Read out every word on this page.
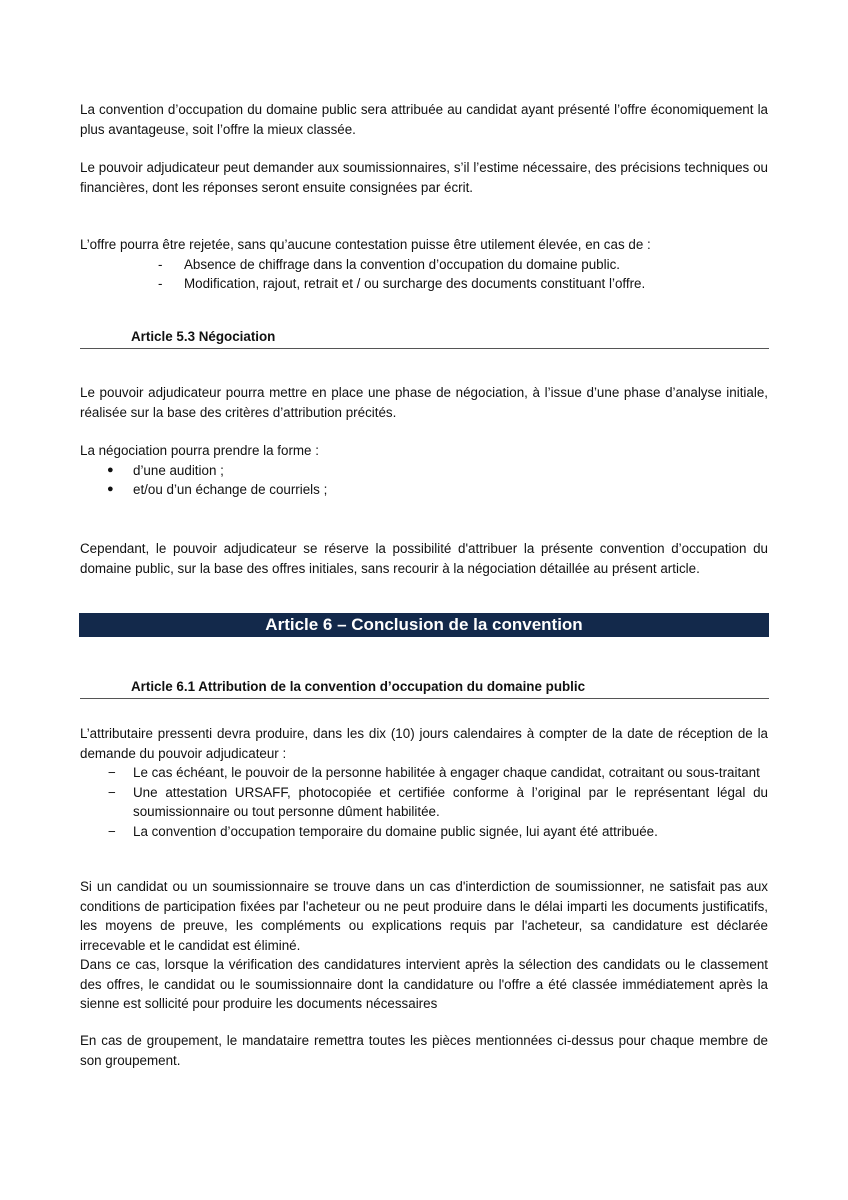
La convention d’occupation du domaine public sera attribuée au candidat ayant présenté l’offre économiquement la plus avantageuse, soit l’offre la mieux classée.

Le pouvoir adjudicateur peut demander aux soumissionnaires, s’il l’estime nécessaire, des précisions techniques ou financières, dont les réponses seront ensuite consignées par écrit.

L’offre pourra être rejetée, sans qu’aucune contestation puisse être utilement élevée, en cas de :

- Absence de chiffrage dans la convention d’occupation du domaine public.
- Modification, rajout, retrait et / ou surcharge des documents constituant l’offre.
Article 5.3 Négociation

Le pouvoir adjudicateur pourra mettre en place une phase de négociation, à l’issue d’une phase d’analyse initiale, réalisée sur la base des critères d’attribution précités.

La négociation pourra prendre la forme :

● d’une audition ;
● et/ou d’un échange de courriels ;

Cependant, le pouvoir adjudicateur se réserve la possibilité d'attribuer la présente convention d’occupation du domaine public, sur la base des offres initiales, sans recourir à la négociation détaillée au présent article.

Article 6 – Conclusion de la convention
Article 6.1 Attribution de la convention d’occupation du domaine public

L’attributaire pressenti devra produire, dans les dix (10) jours calendaires à compter de la date de réception de la demande du pouvoir adjudicateur :

− Le cas échéant, le pouvoir de la personne habilitée à engager chaque candidat, cotraitant ou sous-traitant
− Une attestation URSAFF, photocopiée et certifiée conforme à l’original par le représentant légal du soumissionnaire ou tout personne dûment habilitée.
− La convention d’occupation temporaire du domaine public signée, lui ayant été attribuée.

Si un candidat ou un soumissionnaire se trouve dans un cas d'interdiction de soumissionner, ne satisfait pas aux conditions de participation fixées par l'acheteur ou ne peut produire dans le délai imparti les documents justificatifs, les moyens de preuve, les compléments ou explications requis par l'acheteur, sa candidature est déclarée irrecevable et le candidat est éliminé.

Dans ce cas, lorsque la vérification des candidatures intervient après la sélection des candidats ou le classement des offres, le candidat ou le soumissionnaire dont la candidature ou l'offre a été classée immédiatement après la sienne est sollicité pour produire les documents nécessaires

En cas de groupement, le mandataire remettra toutes les pièces mentionnées ci-dessus pour chaque membre de son groupement.
